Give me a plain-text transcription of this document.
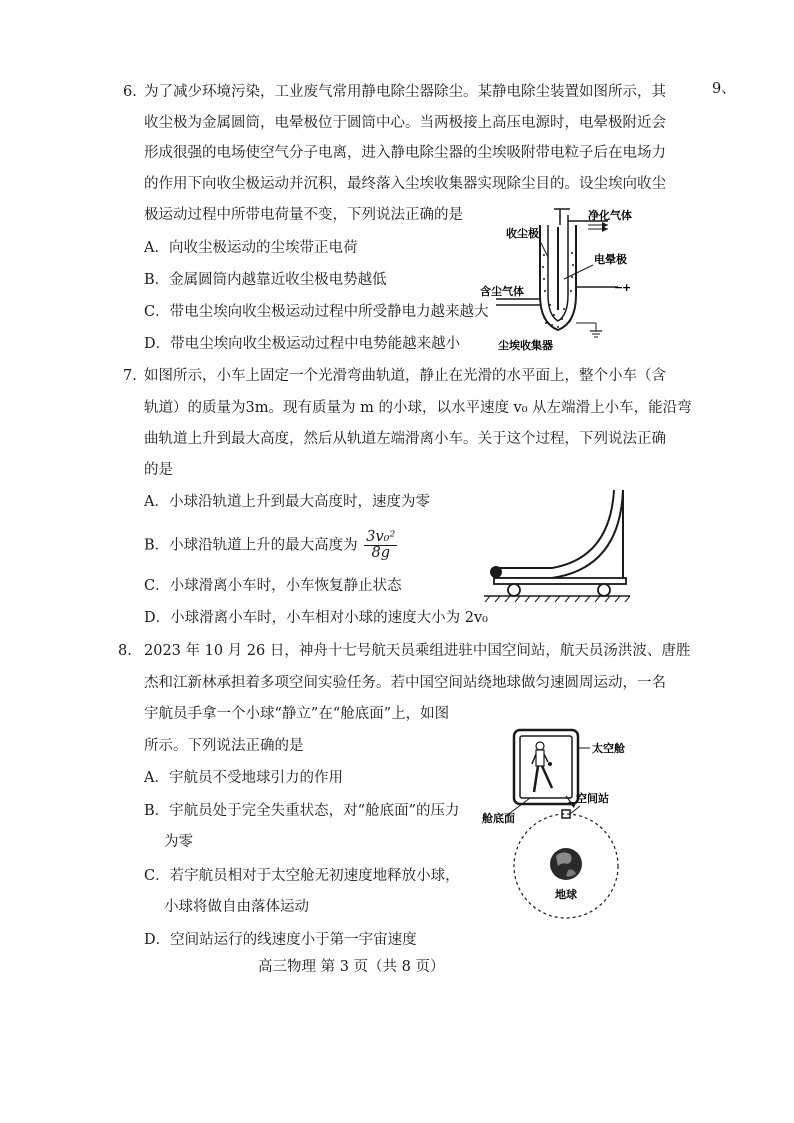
9、
6. 为了减少环境污染，工业废气常用静电除尘器除尘。某静电除尘装置如图所示，其
收尘极为金属圆筒，电晕极位于圆筒中心。当两极接上高压电源时，电晕极附近会
形成很强的电场使空气分子电离，进入静电除尘器的尘埃吸附带电粒子后在电场力
的作用下向收尘极运动并沉积，最终落入尘埃收集器实现除尘目的。设尘埃向收尘
极运动过程中所带电荷量不变，下列说法正确的是
A．向收尘极运动的尘埃带正电荷
B．金属圆筒内越靠近收尘极电势越低
C．带电尘埃向收尘极运动过程中所受静电力越来越大
D．带电尘埃向收尘极运动过程中电势能越来越小
收尘极
净化气体
电晕极
含尘气体
尘埃收集器
+
−
7. 如图所示，小车上固定一个光滑弯曲轨道，静止在光滑的水平面上，整个小车（含
轨道）的质量为3m。现有质量为 m 的小球，以水平速度 v₀ 从左端滑上小车，能沿弯
曲轨道上升到最大高度，然后从轨道左端滑离小车。关于这个过程，下列说法正确
的是
A．小球沿轨道上升到最大高度时，速度为零
B．小球沿轨道上升的最大高度为 $\frac{\text{3v₀²}}{8g}$
C．小球滑离小车时，小车恢复静止状态
D．小球滑离小车时，小车相对小球的速度大小为 2v₀
8. 2023 年 10 月 26 日，神舟十七号航天员乘组进驻中国空间站，航天员汤洪波、唐胜
杰和江新林承担着多项空间实验任务。若中国空间站绕地球做匀速圆周运动，一名
宇航员手拿一个小球“静立”在“舱底面”上，如图
所示。下列说法正确的是
A．宇航员不受地球引力的作用
B．宇航员处于完全失重状态，对“舱底面”的压力
为零
C．若宇航员相对于太空舱无初速度地释放小球，
小球将做自由落体运动
D．空间站运行的线速度小于第一宇宙速度
太空舱
空间站
舱底面
地球
高三物理 第 3 页（共 8 页）
